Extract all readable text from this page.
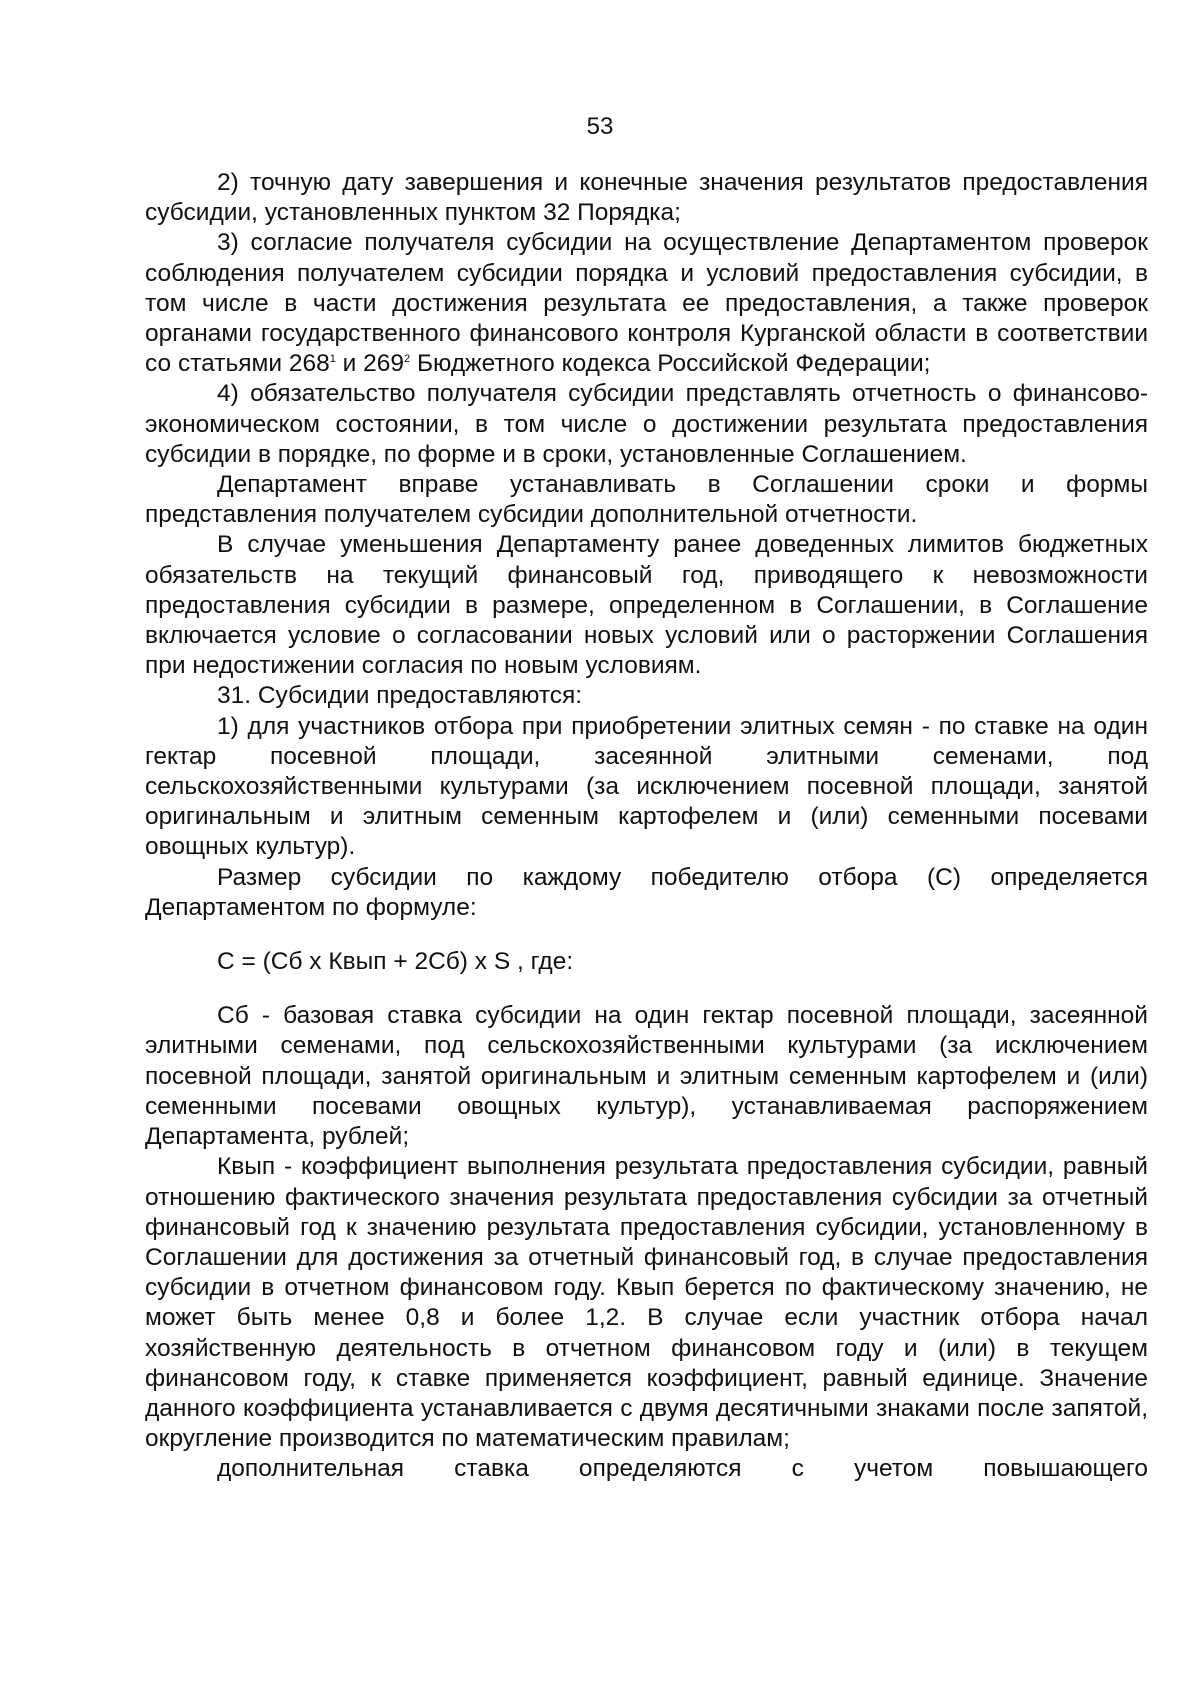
53

2) точную дату завершения и конечные значения результатов предоставления субсидии, установленных пунктом 32 Порядка;

3) согласие получателя субсидии на осуществление Департаментом проверок соблюдения получателем субсидии порядка и условий предоставления субсидии, в том числе в части достижения результата ее предоставления, а также проверок органами государственного финансового контроля Курганской области в соответствии со статьями $268^1$ и $269^2$ Бюджетного кодекса Российской Федерации;

4) обязательство получателя субсидии представлять отчетность о финансово-экономическом состоянии, в том числе о достижении результата предоставления субсидии в порядке, по форме и в сроки, установленные Соглашением.

Департамент вправе устанавливать в Соглашении сроки и формы представления получателем субсидии дополнительной отчетности.

В случае уменьшения Департаменту ранее доведенных лимитов бюджетных обязательств на текущий финансовый год, приводящего к невозможности предоставления субсидии в размере, определенном в Соглашении, в Соглашение включается условие о согласовании новых условий или о расторжении Соглашения при недостижении согласия по новым условиям.

31. Субсидии предоставляются:

1) для участников отбора при приобретении элитных семян - по ставке на один гектар посевной площади, засеянной элитными семенами, под сельскохозяйственными культурами (за исключением посевной площади, занятой оригинальным и элитным семенным картофелем и (или) семенными посевами овощных культур).

Размер субсидии по каждому победителю отбора (С) определяется Департаментом по формуле:

С = (Сб х Квып + 2Сб) х S , где:

Сб - базовая ставка субсидии на один гектар посевной площади, засеянной элитными семенами, под сельскохозяйственными культурами (за исключением посевной площади, занятой оригинальным и элитным семенным картофелем и (или) семенными посевами овощных культур), устанавливаемая распоряжением Департамента, рублей;

Квып - коэффициент выполнения результата предоставления субсидии, равный отношению фактического значения результата предоставления субсидии за отчетный финансовый год к значению результата предоставления субсидии, установленному в Соглашении для достижения за отчетный финансовый год, в случае предоставления субсидии в отчетном финансовом году. Квып берется по фактическому значению, не может быть менее 0,8 и более 1,2. В случае если участник отбора начал хозяйственную деятельность в отчетном финансовом году и (или) в текущем финансовом году, к ставке применяется коэффициент, равный единице. Значение данного коэффициента устанавливается с двумя десятичными знаками после запятой, округление производится по математическим правилам;

дополнительная ставка определяются с учетом повышающего
